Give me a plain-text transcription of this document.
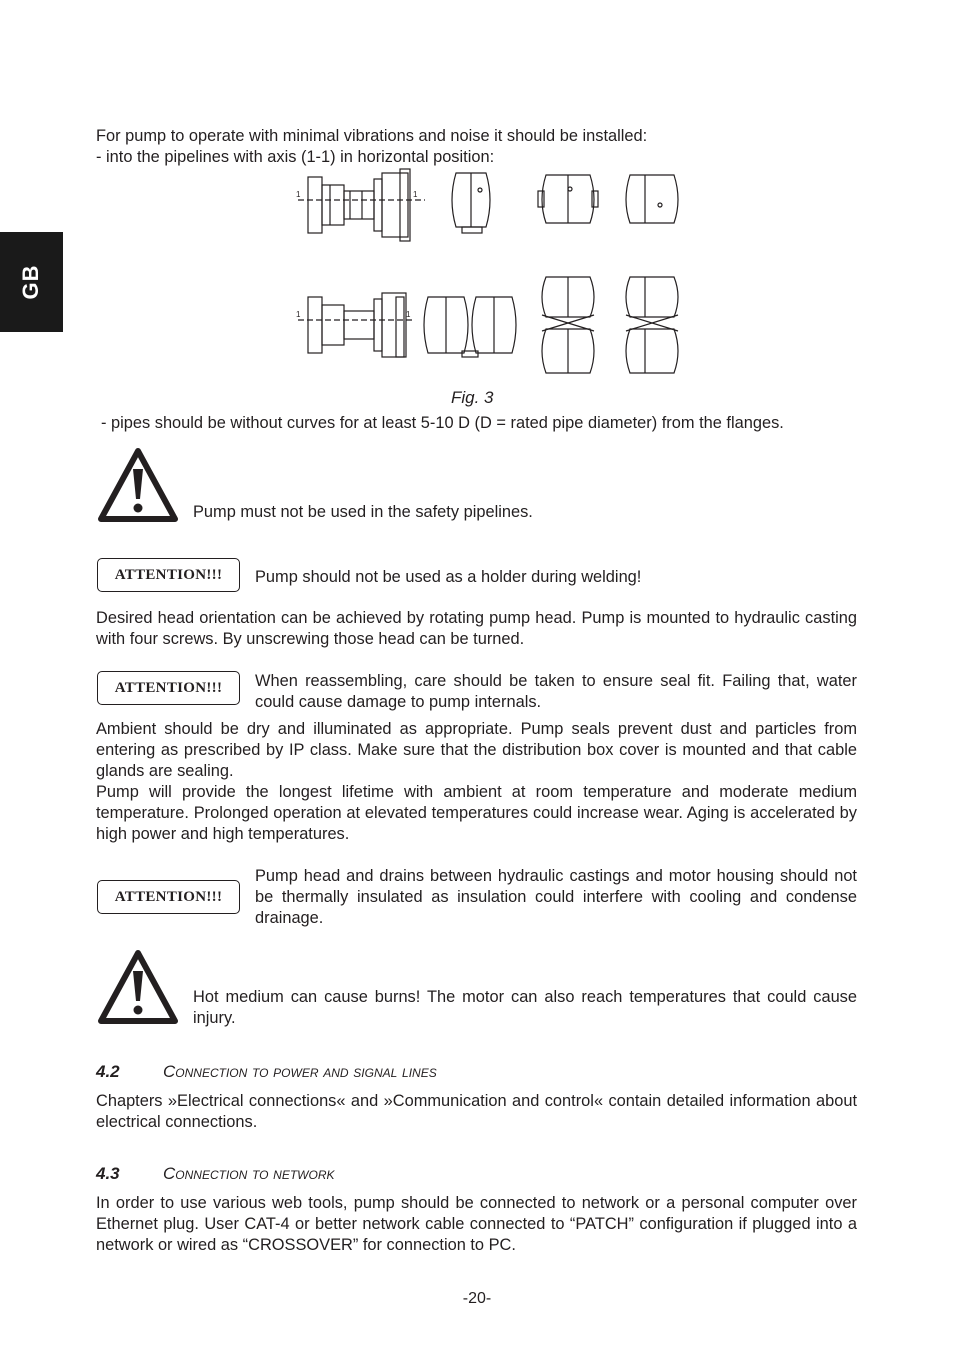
GB

For pump to operate with minimal vibrations and noise it should be installed:

- into the pipelines with axis (1-1) in horizontal position:

1	1
1	1
Fig. 3

- pipes should be without curves for at least 5-10 D (D = rated pipe diameter) from the flanges.

Pump must not be used in the safety pipelines.

ATTENTION!!!	Pump should not be used as a holder during welding!

Desired head orientation can be achieved by rotating pump head. Pump is mounted to hydraulic casting with four screws. By unscrewing those head can be turned.

ATTENTION!!!	When reassembling, care should be taken to ensure seal fit. Failing that, water could cause damage to pump internals.

Ambient should be dry and illuminated as appropriate. Pump seals prevent dust and particles from entering as prescribed by IP class. Make sure that the distribution box cover is mounted and that cable glands are sealing.

Pump will provide the longest lifetime with ambient at room temperature and moderate medium temperature. Prolonged operation at elevated temperatures could increase wear. Aging is accelerated by high power and high temperatures.

ATTENTION!!!

Pump head and drains between hydraulic castings and motor housing should not be thermally insulated as insulation could interfere with cooling and condense drainage.

Hot medium can cause burns! The motor can also reach temperatures that could cause injury.

4.2	Connection to power and signal lines

Chapters »Electrical connections« and »Communication and control« contain detailed information about electrical connections.

4.3	Connection to network

In order to use various web tools, pump should be connected to network or a personal computer over Ethernet plug. User CAT-4 or better network cable connected to “PATCH” configuration if plugged into a network or wired as “CROSSOVER” for connection to PC.

-20-
